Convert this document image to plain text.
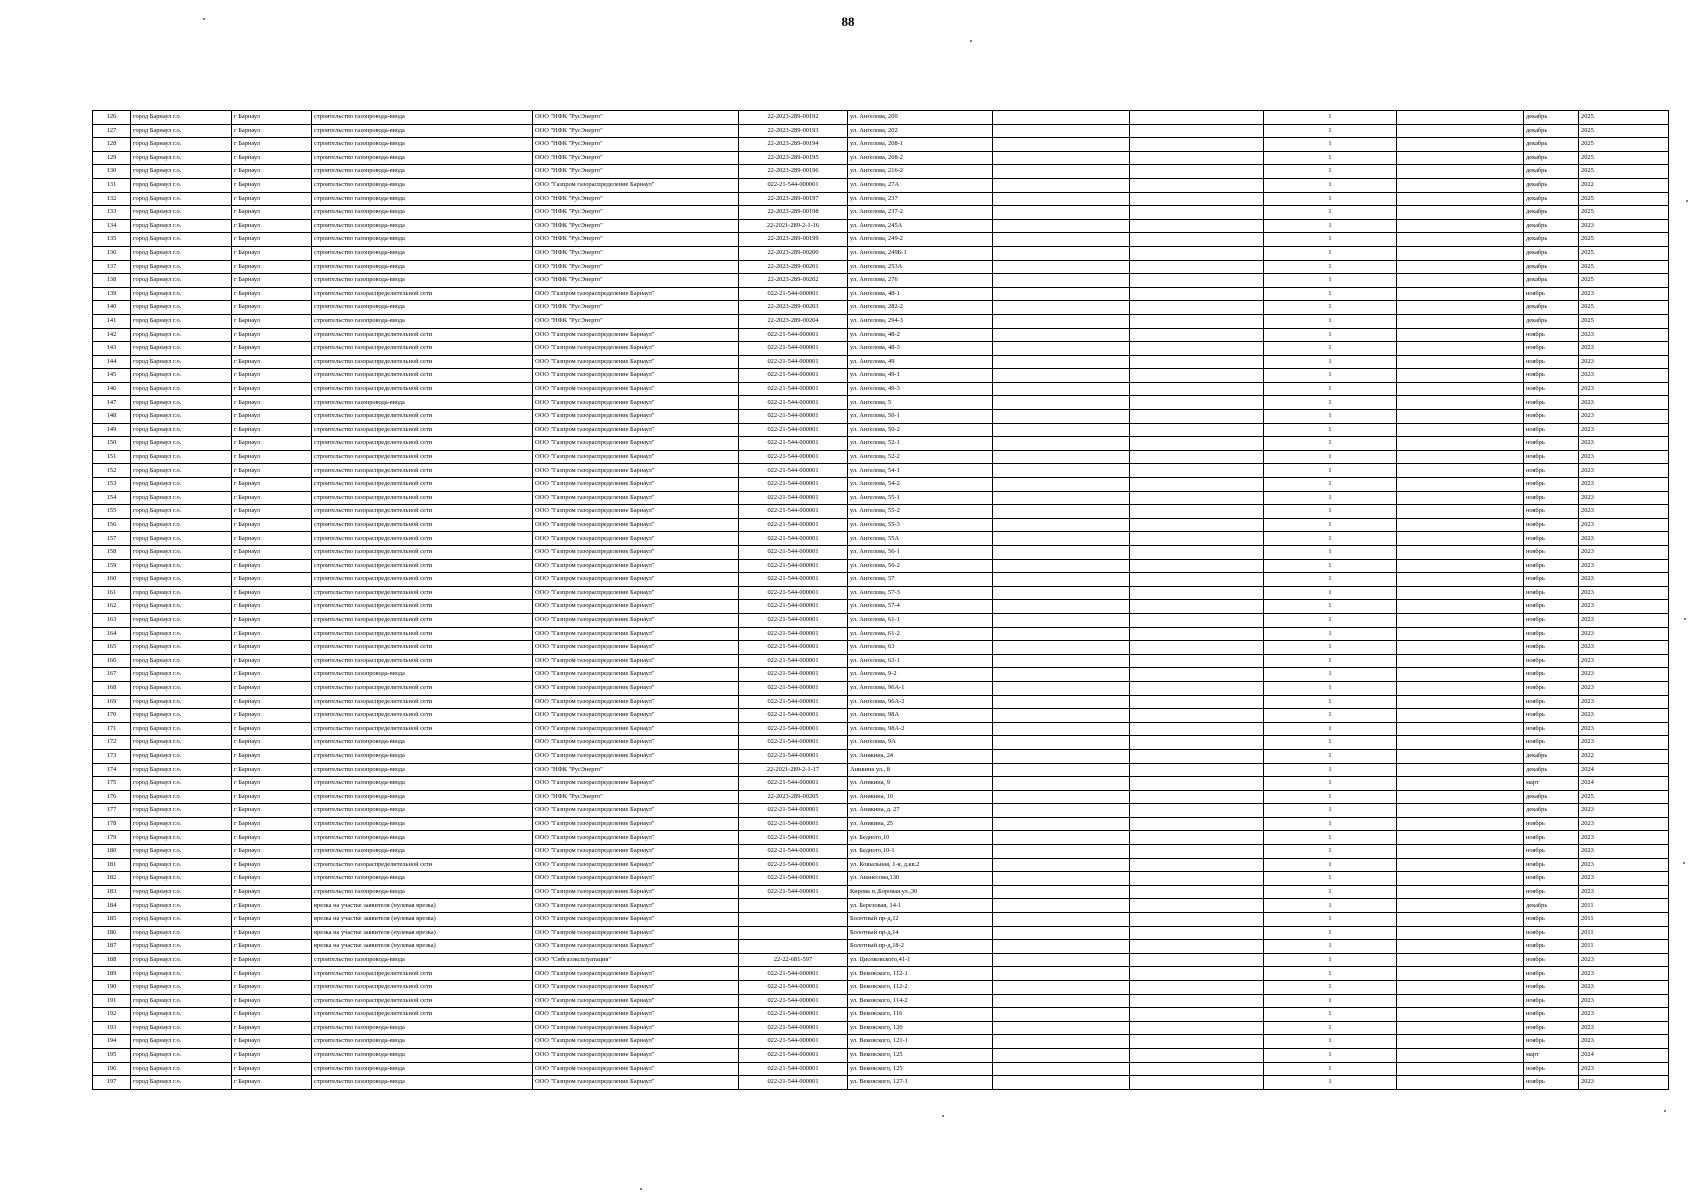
88
126	город Барнаул г.о.	г Барнаул	строительство газопровода-ввода	ООО "НФК "РусЭнерго"	22-2023-289-00192	ул. Ангелова, 200			1		декабрь	2025
127	город Барнаул г.о.	г Барнаул	строительство газопровода-ввода	ООО "НФК "РусЭнерго"	22-2023-289-00193	ул. Ангелова, 202			1		декабрь	2025
128	город Барнаул г.о.	г Барнаул	строительство газопровода-ввода	ООО "НФК "РусЭнерго"	22-2023-289-00194	ул. Ангелова, 208-1			1		декабрь	2025
129	город Барнаул г.о.	г Барнаул	строительство газопровода-ввода	ООО "НФК "РусЭнерго"	22-2023-289-00195	ул. Ангелова, 208-2			1		декабрь	2025
130	город Барнаул г.о.	г Барнаул	строительство газопровода-ввода	ООО "НФК "РусЭнерго"	22-2023-289-00196	ул. Ангелова, 216-2			1		декабрь	2025
131	город Барнаул г.о.	г Барнаул	строительство газопровода-ввода	ООО "Газпром газораспределение Барнаул"	022-21-544-000001	ул. Ангелова, 27А			1		декабрь	2022
132	город Барнаул г.о.	г Барнаул	строительство газопровода-ввода	ООО "НФК "РусЭнерго"	22-2023-289-00197	ул. Ангелова, 237			1		декабрь	2025
133	город Барнаул г.о.	г Барнаул	строительство газопровода-ввода	ООО "НФК "РусЭнерго"	22-2023-289-00198	ул. Ангелова, 237-2			1		декабрь	2025
134	город Барнаул г.о.	г Барнаул	строительство газопровода-ввода	ООО "НФК "РусЭнерго"	22-2021-289-2-1-16	ул. Ангелова, 245А			1		декабрь	2023
135	город Барнаул г.о.	г Барнаул	строительство газопровода-ввода	ООО "НФК "РусЭнерго"	22-2023-289-00199	ул. Ангелова, 249-2			1		декабрь	2025
136	город Барнаул г.о.	г Барнаул	строительство газопровода-ввода	ООО "НФК "РусЭнерго"	22-2023-289-00200	ул. Ангелова, 249Б-1			1		декабрь	2025
137	город Барнаул г.о.	г Барнаул	строительство газопровода-ввода	ООО "НФК "РусЭнерго"	22-2023-289-00201	ул. Ангелова, 253А			1		декабрь	2025
138	город Барнаул г.о.	г Барнаул	строительство газопровода-ввода	ООО "НФК "РусЭнерго"	22-2023-289-00202	ул. Ангелова, 276			1		декабрь	2025
139	город Барнаул г.о.	г Барнаул	строительство газораспределительной сети	ООО "Газпром газораспределение Барнаул"	022-21-544-000001	ул. Ангелова, 48-1			1		ноябрь	2023
140	город Барнаул г.о.	г Барнаул	строительство газопровода-ввода	ООО "НФК "РусЭнерго"	22-2023-289-00203	ул. Ангелова, 282-2			1		декабрь	2025
141	город Барнаул г.о.	г Барнаул	строительство газопровода-ввода	ООО "НФК "РусЭнерго"	22-2023-289-00204	ул. Ангелова, 294-3			1		декабрь	2025
142	город Барнаул г.о.	г Барнаул	строительство газораспределительной сети	ООО "Газпром газораспределение Барнаул"	022-21-544-000001	ул. Ангелова, 48-2			1		ноябрь	2023
143	город Барнаул г.о.	г Барнаул	строительство газораспределительной сети	ООО "Газпром газораспределение Барнаул"	022-21-544-000001	ул. Ангелова, 48-3			1		ноябрь	2023
144	город Барнаул г.о.	г Барнаул	строительство газораспределительной сети	ООО "Газпром газораспределение Барнаул"	022-21-544-000001	ул. Ангелова, 49			1		ноябрь	2023
145	город Барнаул г.о.	г Барнаул	строительство газораспределительной сети	ООО "Газпром газораспределение Барнаул"	022-21-544-000001	ул. Ангелова, 49-1			1		ноябрь	2023
146	город Барнаул г.о.	г Барнаул	строительство газораспределительной сети	ООО "Газпром газораспределение Барнаул"	022-21-544-000001	ул. Ангелова, 49-3			1		ноябрь	2023
147	город Барнаул г.о.	г Барнаул	строительство газопровода-ввода	ООО "Газпром газораспределение Барнаул"	022-21-544-000001	ул. Ангелова, 5			1		ноябрь	2023
148	город Барнаул г.о.	г Барнаул	строительство газораспределительной сети	ООО "Газпром газораспределение Барнаул"	022-21-544-000001	ул. Ангелова, 50-1			1		ноябрь	2023
149	город Барнаул г.о.	г Барнаул	строительство газораспределительной сети	ООО "Газпром газораспределение Барнаул"	022-21-544-000001	ул. Ангелова, 50-2			1		ноябрь	2023
150	город Барнаул г.о.	г Барнаул	строительство газораспределительной сети	ООО "Газпром газораспределение Барнаул"	022-21-544-000001	ул. Ангелова, 52-1			1		ноябрь	2023
151	город Барнаул г.о.	г Барнаул	строительство газораспределительной сети	ООО "Газпром газораспределение Барнаул"	022-21-544-000001	ул. Ангелова, 52-2			1		ноябрь	2023
152	город Барнаул г.о.	г Барнаул	строительство газораспределительной сети	ООО "Газпром газораспределение Барнаул"	022-21-544-000001	ул. Ангелова, 54-1			1		ноябрь	2023
153	город Барнаул г.о.	г Барнаул	строительство газораспределительной сети	ООО "Газпром газораспределение Барнаул"	022-21-544-000001	ул. Ангелова, 54-2			1		ноябрь	2023
154	город Барнаул г.о.	г Барнаул	строительство газораспределительной сети	ООО "Газпром газораспределение Барнаул"	022-21-544-000001	ул. Ангелова, 55-1			1		ноябрь	2023
155	город Барнаул г.о.	г Барнаул	строительство газораспределительной сети	ООО "Газпром газораспределение Барнаул"	022-21-544-000001	ул. Ангелова, 55-2			1		ноябрь	2023
156	город Барнаул г.о.	г Барнаул	строительство газораспределительной сети	ООО "Газпром газораспределение Барнаул"	022-21-544-000001	ул. Ангелова, 55-3			1		ноябрь	2023
157	город Барнаул г.о.	г Барнаул	строительство газораспределительной сети	ООО "Газпром газораспределение Барнаул"	022-21-544-000001	ул. Ангелова, 55А			1		ноябрь	2023
158	город Барнаул г.о.	г Барнаул	строительство газораспределительной сети	ООО "Газпром газораспределение Барнаул"	022-21-544-000001	ул. Ангелова, 56-1			1		ноябрь	2023
159	город Барнаул г.о.	г Барнаул	строительство газораспределительной сети	ООО "Газпром газораспределение Барнаул"	022-21-544-000001	ул. Ангелова, 56-2			1		ноябрь	2023
160	город Барнаул г.о.	г Барнаул	строительство газораспределительной сети	ООО "Газпром газораспределение Барнаул"	022-21-544-000001	ул. Ангелова, 57			1		ноябрь	2023
161	город Барнаул г.о.	г Барнаул	строительство газораспределительной сети	ООО "Газпром газораспределение Барнаул"	022-21-544-000001	ул. Ангелова, 57-3			1		ноябрь	2023
162	город Барнаул г.о.	г Барнаул	строительство газораспределительной сети	ООО "Газпром газораспределение Барнаул"	022-21-544-000001	ул. Ангелова, 57-4			1		ноябрь	2023
163	город Барнаул г.о.	г Барнаул	строительство газораспределительной сети	ООО "Газпром газораспределение Барнаул"	022-21-544-000001	ул. Ангелова, 61-1			1		ноябрь	2023
164	город Барнаул г.о.	г Барнаул	строительство газораспределительной сети	ООО "Газпром газораспределение Барнаул"	022-21-544-000001	ул. Ангелова, 61-2			1		ноябрь	2023
165	город Барнаул г.о.	г Барнаул	строительство газораспределительной сети	ООО "Газпром газораспределение Барнаул"	022-21-544-000001	ул. Ангелова, 63			1		ноябрь	2023
166	город Барнаул г.о.	г Барнаул	строительство газораспределительной сети	ООО "Газпром газораспределение Барнаул"	022-21-544-000001	ул. Ангелова, 63-1			1		ноябрь	2023
167	город Барнаул г.о.	г Барнаул	строительство газопровода-ввода	ООО "Газпром газораспределение Барнаул"	022-21-544-000001	ул. Ангелова, 9-2			1		ноябрь	2023
168	город Барнаул г.о.	г Барнаул	строительство газораспределительной сети	ООО "Газпром газораспределение Барнаул"	022-21-544-000001	ул. Ангелова, 96А-1			1		ноябрь	2023
169	город Барнаул г.о.	г Барнаул	строительство газораспределительной сети	ООО "Газпром газораспределение Барнаул"	022-21-544-000001	ул. Ангелова, 96А-2			1		ноябрь	2023
170	город Барнаул г.о.	г Барнаул	строительство газораспределительной сети	ООО "Газпром газораспределение Барнаул"	022-21-544-000001	ул. Ангелова, 98А			1		ноябрь	2023
171	город Барнаул г.о.	г Барнаул	строительство газораспределительной сети	ООО "Газпром газораспределение Барнаул"	022-21-544-000001	ул. Ангелова, 98А-2			1		ноябрь	2023
172	город Барнаул г.о.	г Барнаул	строительство газопровода-ввода	ООО "Газпром газораспределение Барнаул"	022-21-544-000001	ул. Ангелова, 9А			1		ноябрь	2023
173	город Барнаул г.о.	г Барнаул	строительство газопровода-ввода	ООО "Газпром газораспределение Барнаул"	022-21-544-000001	ул. Аникина, 24			1		декабрь	2022
174	город Барнаул г.о.	г Барнаул	строительство газопровода-ввода	ООО "НФК "РусЭнерго"	22-2021-289-2-1-17	Аникина ул., 8			1		декабрь	2024
175	город Барнаул г.о.	г Барнаул	строительство газопровода-ввода	ООО "Газпром газораспределение Барнаул"	022-21-544-000001	ул. Аникина, 9			1		март	2024
176	город Барнаул г.о.	г Барнаул	строительство газопровода-ввода	ООО "НФК "РусЭнерго"	22-2023-289-00205	ул. Аникина, 10			1		декабрь	2025
177	город Барнаул г.о.	г Барнаул	строительство газопровода-ввода	ООО "Газпром газораспределение Барнаул"	022-21-544-000001	ул. Аникина, д. 27			1		декабрь	2023
178	город Барнаул г.о.	г Барнаул	строительство газопровода-ввода	ООО "Газпром газораспределение Барнаул"	022-21-544-000001	ул. Аникина, 25			1		ноябрь	2023
179	город Барнаул г.о.	г Барнаул	строительство газопровода-ввода	ООО "Газпром газораспределение Барнаул"	022-21-544-000001	ул. Бедного,10			1		ноябрь	2023
180	город Барнаул г.о.	г Барнаул	строительство газопровода-ввода	ООО "Газпром газораспределение Барнаул"	022-21-544-000001	ул. Бедного,10-1			1		ноябрь	2023
181	город Барнаул г.о.	г Барнаул	строительство газораспределительной сети	ООО "Газпром газораспределение Барнаул"	022-21-544-000001	ул. Ковыльная, 1-я, д.кв.2			1		ноябрь	2023
182	город Барнаул г.о.	г Барнаул	строительство газопровода-ввода	ООО "Газпром газораспределение Барнаул"	022-21-544-000001	ул. Аванесова,130			1		ноябрь	2023
183	город Барнаул г.о.	г Барнаул	строительство газопровода-ввода	ООО "Газпром газораспределение Барнаул"	022-21-544-000001	Кирова п.,Боровая ул.,30			1		ноябрь	2023
184	город Барнаул г.о.	г Барнаул	врезка на участке заявителя (нулевая врезка)	ООО "Газпром газораспределение Барнаул"		ул. Березовая, 14-1			1		декабрь	2011
185	город Барнаул г.о.	г Барнаул	врезка на участке заявителя (нулевая врезка)	ООО "Газпром газораспределение Барнаул"		Болотный пр-д,12			1		ноябрь	2011
186	город Барнаул г.о.	г Барнаул	врезка на участке заявителя (нулевая врезка)	ООО "Газпром газораспределение Барнаул"		Болотный пр-д,14			1		ноябрь	2011
187	город Барнаул г.о.	г Барнаул	врезка на участке заявителя (нулевая врезка)	ООО "Газпром газораспределение Барнаул"		Болотный пр-д,18-2			1		ноябрь	2011
188	город Барнаул г.о.	г Барнаул	строительство газопровода-ввода	ООО "Сибгазэксплуатация"	22-22-681-597	ул. Циолковского,41-1			1		ноябрь	2023
189	город Барнаул г.о.	г Барнаул	строительство газораспределительной сети	ООО "Газпром газораспределение Барнаул"	022-21-544-000001	ул. Вековского, 112-1			1		ноябрь	2023
190	город Барнаул г.о.	г Барнаул	строительство газораспределительной сети	ООО "Газпром газораспределение Барнаул"	022-21-544-000001	ул. Вековского, 112-2			1		ноябрь	2023
191	город Барнаул г.о.	г Барнаул	строительство газораспределительной сети	ООО "Газпром газораспределение Барнаул"	022-21-544-000001	ул. Вековского, 114-2			1		ноябрь	2023
192	город Барнаул г.о.	г Барнаул	строительство газораспределительной сети	ООО "Газпром газораспределение Барнаул"	022-21-544-000001	ул. Вековского, 116			1		ноябрь	2023
193	город Барнаул г.о.	г Барнаул	строительство газопровода-ввода	ООО "Газпром газораспределение Барнаул"	022-21-544-000001	ул. Вековского, 120			1		ноябрь	2023
194	город Барнаул г.о.	г Барнаул	строительство газопровода-ввода	ООО "Газпром газораспределение Барнаул"	022-21-544-000001	ул. Вековского, 121-1			1		ноябрь	2023
195	город Барнаул г.о.	г Барнаул	строительство газопровода-ввода	ООО "Газпром газораспределение Барнаул"	022-21-544-000001	ул. Вековского, 125			1		март	2024
196	город Барнаул г.о.	г Барнаул	строительство газопровода-ввода	ООО "Газпром газораспределение Барнаул"	022-21-544-000001	ул. Вековского, 125			1		ноябрь	2023
197	город Барнаул г.о.	г Барнаул	строительство газопровода-ввода	ООО "Газпром газораспределение Барнаул"	022-21-544-000001	ул. Вековского, 127-1			1		ноябрь	2023
